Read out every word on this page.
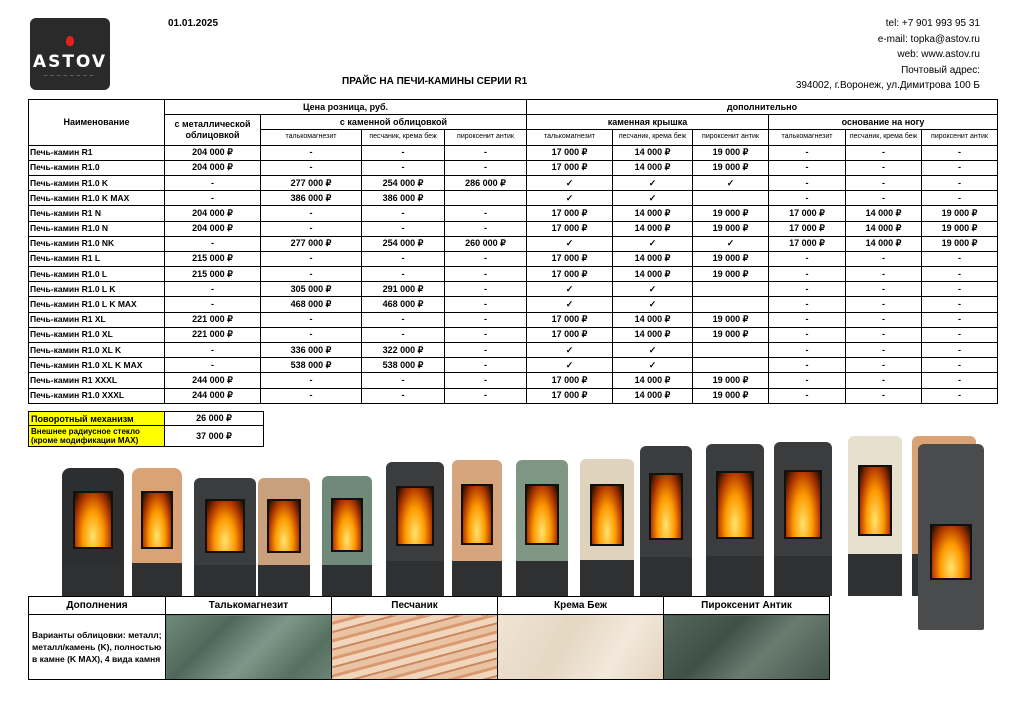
ASTOV
────────
01.01.2025
ПРАЙС НА ПЕЧИ-КАМИНЫ СЕРИИ R1
tel: +7 901 993 95 31
e-mail: topka@astov.ru
web: www.astov.ru
Почтовый адрес:
394002, г.Воронеж, ул.Димитрова 100 Б
Наименование	Цена розница, руб.				дополнительно					
	с металлической облицовкой	с каменной облицовкой			каменная крышка			основание на ногу		
		талькомагнезит	песчаник, крема беж	пироксенит антик	талькомагнезит	песчаник, крема беж	пироксенит антик	талькомагнезит	песчаник, крема беж	пироксенит антик
Печь-камин R1	204 000 ₽	-	-	-	17 000 ₽	14 000 ₽	19 000 ₽	-	-	-
Печь-камин R1.0	204 000 ₽	-	-	-	17 000 ₽	14 000 ₽	19 000 ₽	-	-	-
Печь-камин R1.0 K	-	277 000 ₽	254 000 ₽	286 000 ₽	✓	✓	✓	-	-	-
Печь-камин R1.0 K MAX	-	386 000 ₽	386 000 ₽		✓	✓		-	-	-
Печь-камин R1 N	204 000 ₽	-	-	-	17 000 ₽	14 000 ₽	19 000 ₽	17 000 ₽	14 000 ₽	19 000 ₽
Печь-камин R1.0 N	204 000 ₽	-	-	-	17 000 ₽	14 000 ₽	19 000 ₽	17 000 ₽	14 000 ₽	19 000 ₽
Печь-камин R1.0 NK	-	277 000 ₽	254 000 ₽	260 000 ₽	✓	✓	✓	17 000 ₽	14 000 ₽	19 000 ₽
Печь-камин R1 L	215 000 ₽	-	-	-	17 000 ₽	14 000 ₽	19 000 ₽	-	-	-
Печь-камин R1.0 L	215 000 ₽	-	-	-	17 000 ₽	14 000 ₽	19 000 ₽	-	-	-
Печь-камин R1.0 L K	-	305 000 ₽	291 000 ₽	-	✓	✓		-	-	-
Печь-камин R1.0 L K MAX	-	468 000 ₽	468 000 ₽	-	✓	✓		-	-	-
Печь-камин R1 XL	221 000 ₽	-	-	-	17 000 ₽	14 000 ₽	19 000 ₽	-	-	-
Печь-камин R1.0 XL	221 000 ₽	-	-	-	17 000 ₽	14 000 ₽	19 000 ₽	-	-	-
Печь-камин R1.0 XL K	-	336 000 ₽	322 000 ₽	-	✓	✓		-	-	-
Печь-камин R1.0 XL K MAX	-	538 000 ₽	538 000 ₽	-	✓	✓		-	-	-
Печь-камин R1 XXXL	244 000 ₽	-	-	-	17 000 ₽	14 000 ₽	19 000 ₽	-	-	-
Печь-камин R1.0 XXXL	244 000 ₽	-	-	-	17 000 ₽	14 000 ₽	19 000 ₽	-	-	-
Поворотный механизм	26 000 ₽
Внешнее радиусное стекло (кроме модификации MAX)	37 000 ₽
Дополнения	Талькомагнезит	Песчаник	Крема Беж	Пироксенит Антик
Варианты облицовки: металл; металл/камень (K), полностью в камне (K MAX), 4 вида камня				
